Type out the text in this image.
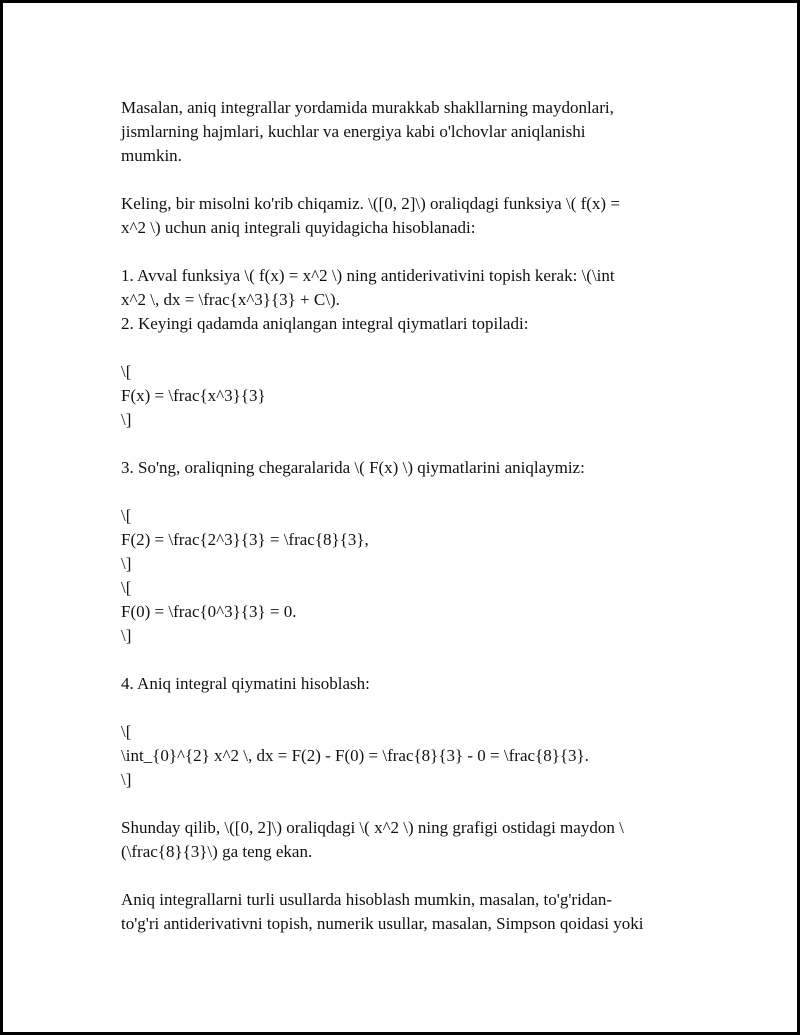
Masalan, aniq integrallar yordamida murakkab shakllarning maydonlari,
jismlarning hajmlari, kuchlar va energiya kabi o'lchovlar aniqlanishi
mumkin.
Keling, bir misolni ko'rib chiqamiz. \([0, 2]\) oraliqdagi funksiya \( f(x) =
x^2 \) uchun aniq integrali quyidagicha hisoblanadi:
1. Avval funksiya \( f(x) = x^2 \) ning antiderivativini topish kerak: \(\int
x^2 \, dx = \frac{x^3}{3} + C\).
2. Keyingi qadamda aniqlangan integral qiymatlari topiladi:
\[
F(x) = \frac{x^3}{3}
\]
3. So'ng, oraliqning chegaralarida \( F(x) \) qiymatlarini aniqlaymiz:
\[
F(2) = \frac{2^3}{3} = \frac{8}{3},
\]
\[
F(0) = \frac{0^3}{3} = 0.
\]
4. Aniq integral qiymatini hisoblash:
\[
\int_{0}^{2} x^2 \, dx = F(2) - F(0) = \frac{8}{3} - 0 = \frac{8}{3}.
\]
Shunday qilib, \([0, 2]\) oraliqdagi \( x^2 \) ning grafigi ostidagi maydon \
(\frac{8}{3}\) ga teng ekan.
Aniq integrallarni turli usullarda hisoblash mumkin, masalan, to'g'ridan-
to'g'ri antiderivativni topish, numerik usullar, masalan, Simpson qoidasi yoki
